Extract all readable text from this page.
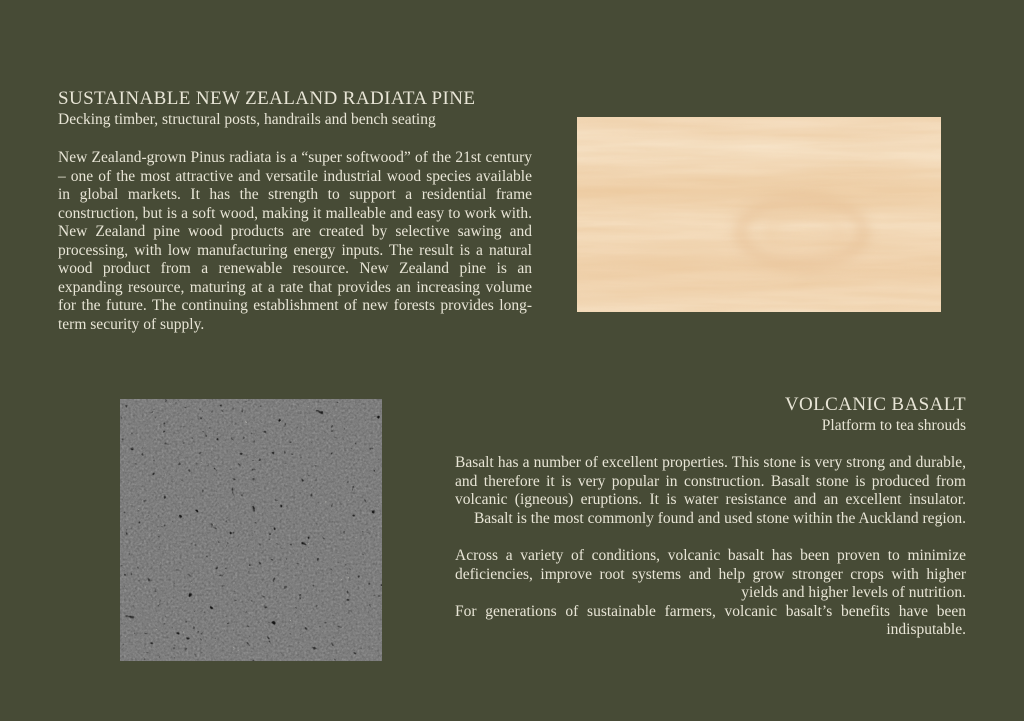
SUSTAINABLE NEW ZEALAND RADIATA PINE
Decking timber, structural posts, handrails and bench seating

New Zealand-grown Pinus radiata is a “super softwood” of the 21st century – one of the most attractive and versatile industrial wood species available in global markets. It has the strength to support a residential frame construction, but is a soft wood, making it malleable and easy to work with. New Zealand pine wood products are created by selective sawing and processing, with low manufacturing energy inputs. The result is a natural wood product from a renewable resource. New Zealand pine is an expanding resource, maturing at a rate that provides an increasing volume for the future. The continuing establishment of new forests provides long-term security of supply.

VOLCANIC BASALT
Platform to tea shrouds

Basalt has a number of excellent properties. This stone is very strong and durable, and therefore it is very popular in construction. Basalt stone is produced from volcanic (igneous) eruptions. It is water resistance and an excellent insulator. Basalt is the most commonly found and used stone within the Auckland region.

Across a variety of conditions, volcanic basalt has been proven to minimize deficiencies, improve root systems and help grow stronger crops with higher yields and higher levels of nutrition.

For generations of sustainable farmers, volcanic basalt’s benefits have been indisputable.
